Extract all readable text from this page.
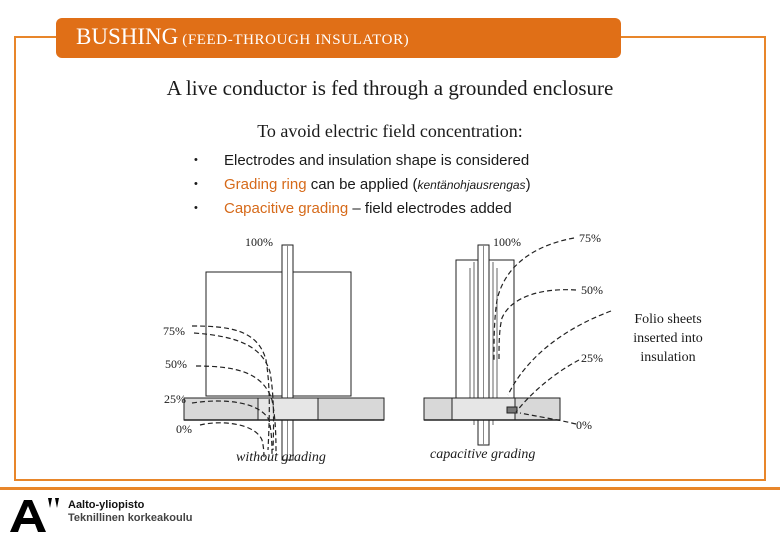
BUSHING (FEED-THROUGH INSULATOR)
A live conductor is fed through a grounded enclosure
To avoid electric field concentration:
• Electrodes and insulation shape is considered
• Grading ring can be applied (kentänohjausrengas)
• Capacitive grading – field electrodes added
100%
75%
50%
25%
0%
100%	75%
50%
25%
0%
without grading	capacitive grading
Folio sheets inserted into insulation
Aalto-yliopisto
Teknillinen korkeakoulu
